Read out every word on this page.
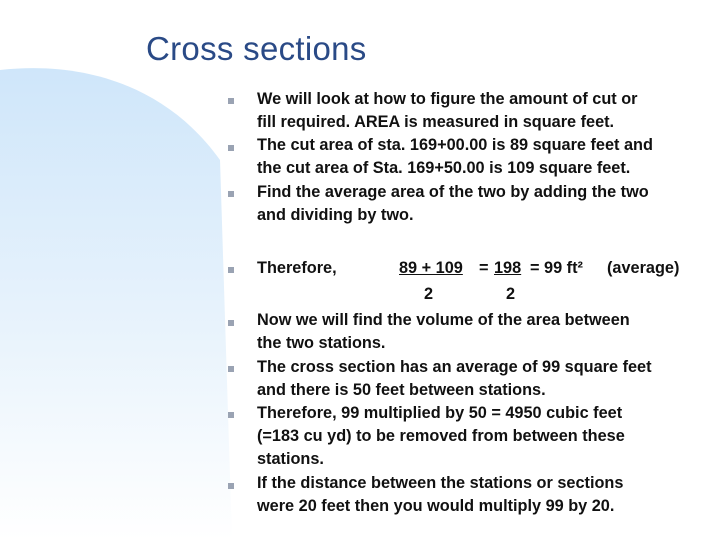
Cross sections
We will look at how to figure the amount of cut or
fill required. AREA is measured in square feet.
The cut area of sta. 169+00.00 is 89 square feet and
the cut area of Sta. 169+50.00 is 109 square feet.
Find the average area of the two by adding the two
and dividing by two.
Therefore,	89 + 109 = 198 = 99 ft² (average)
2	2
Now we will find the volume of the area between
the two stations.
The cross section has an average of 99 square feet
and there is 50 feet between stations.
Therefore, 99 multiplied by 50 = 4950 cubic feet
(=183 cu yd) to be removed from between these
stations.
If the distance between the stations or sections
were 20 feet then you would multiply 99 by 20.
